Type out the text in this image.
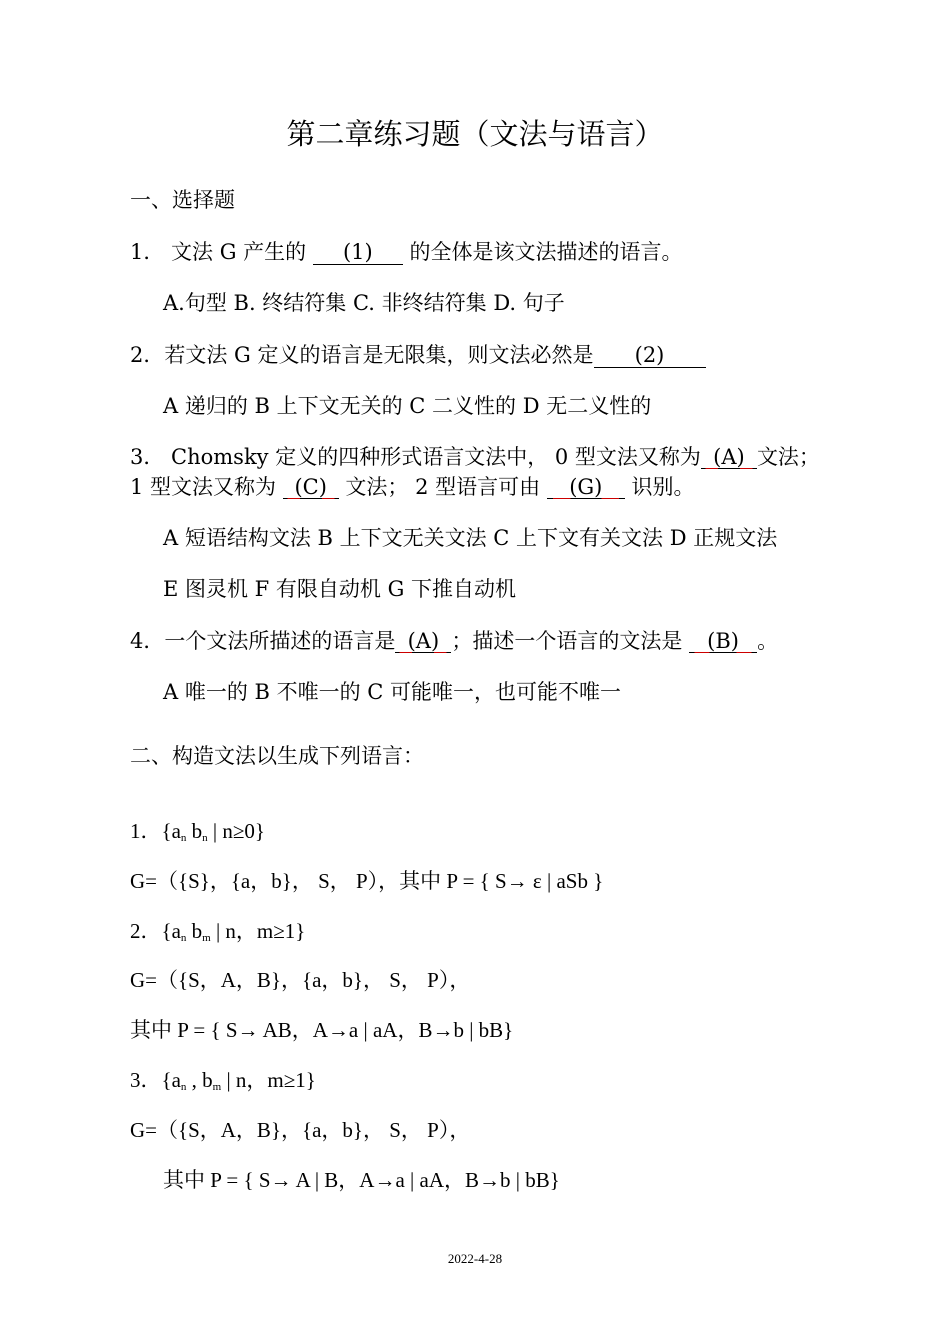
第二章练习题（文法与语言）
一、选择题
1． 文法 G 产生的 (1) 的全体是该文法描述的语言。
A.句型 B. 终结符集 C. 非终结符集 D. 句子
2．若文法 G 定义的语言是无限集，则文法必然是 (2)
A 递归的 B 上下文无关的 C 二义性的 D 无二义性的
3． Chomsky 定义的四种形式语言文法中， 0 型文法又称为 (A) 文法；
1 型文法又称为 (C) 文法； 2 型语言可由 (G) 识别。
A 短语结构文法 B 上下文无关文法 C 上下文有关文法 D 正规文法
E 图灵机 F 有限自动机 G 下推自动机
4．一个文法所描述的语言是 (A) ；描述一个语言的文法是 (B) 。
A 唯一的 B 不唯一的 C 可能唯一，也可能不唯一
二、构造文法以生成下列语言：
1．{$a_n$ $b_n$ | n≥0}
G=（{S}，{a，b}， S， P），其中 P = { S→ ε | aSb }
2．{$a_n$ $b_m$ | n，m≥1}
G=（{S，A，B}，{a，b}， S， P），
其中 P = { S→ AB，A→a | aA，B→b | bB}
3．{$a_n$ , $b_m$ | n，m≥1}
G=（{S，A，B}，{a，b}， S， P），
其中 P = { S→ A | B，A→a | aA，B→b | bB}
2022-4-28
